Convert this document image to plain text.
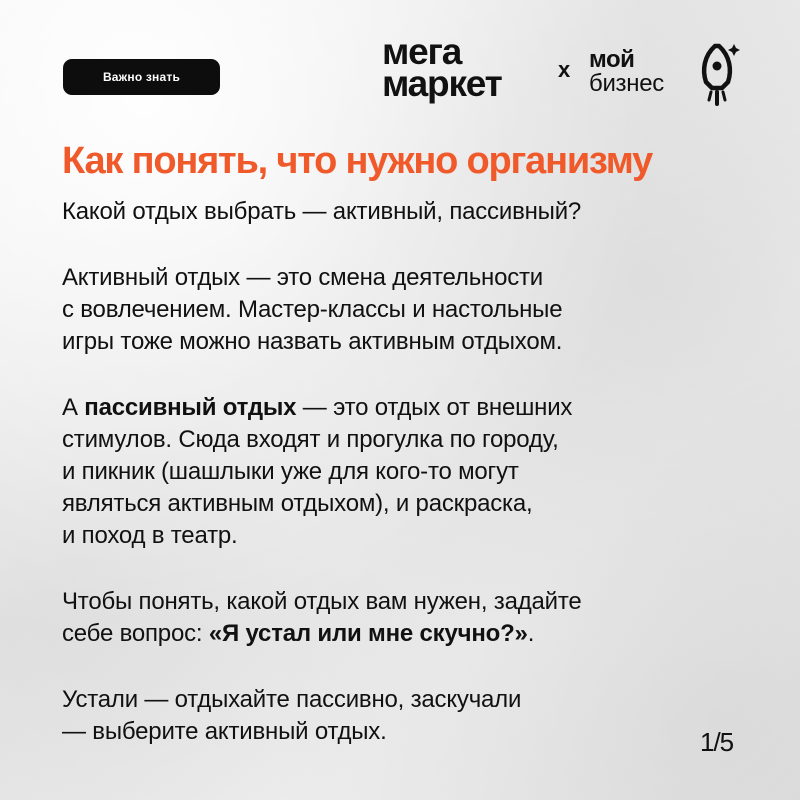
Важно знать
мега
маркет	x мой
бизнес
Как понять, что нужно организму

Какой отдых выбрать — активный, пассивный?

Активный отдых — это смена деятельности

с вовлечением. Мастер-классы и настольные

игры тоже можно назвать активным отдыхом.

А пассивный отдых — это отдых от внешних

стимулов. Сюда входят и прогулка по городу,

и пикник (шашлыки уже для кого-то могут

являться активным отдыхом), и раскраска,

и поход в театр.

Чтобы понять, какой отдых вам нужен, задайте

себе вопрос: «Я устал или мне скучно?».

Устали — отдыхайте пассивно, заскучали

— выберите активный отдых.	1/5
